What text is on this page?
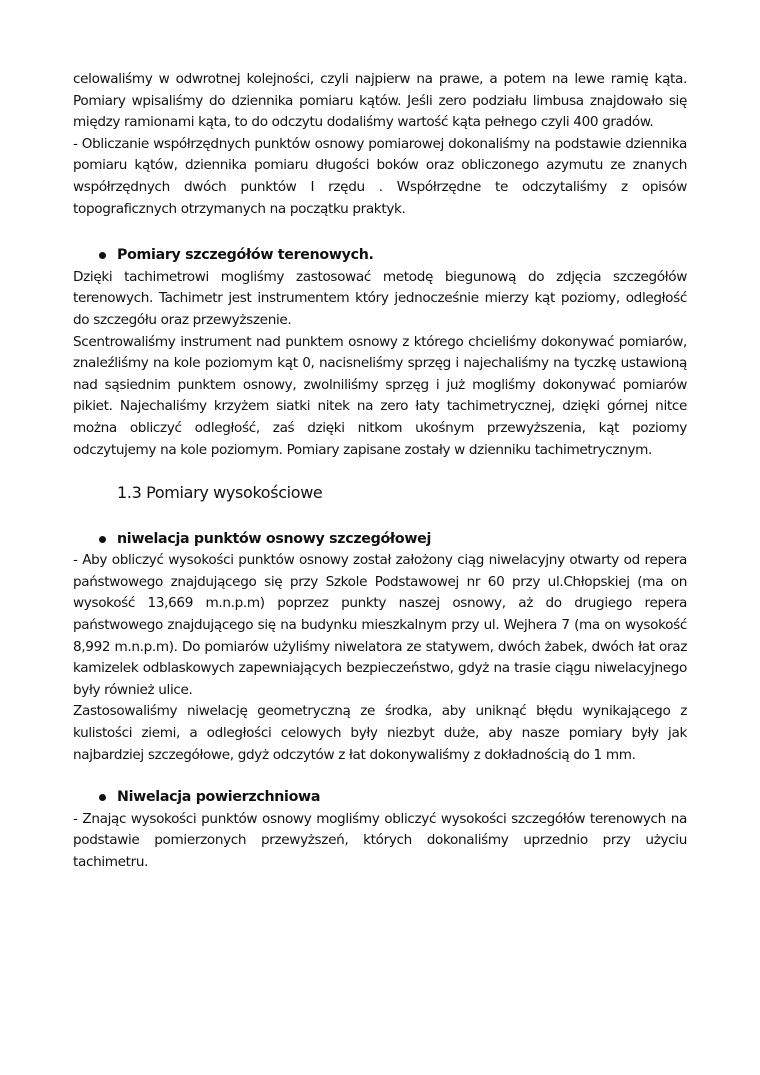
celowaliśmy w odwrotnej kolejności, czyli najpierw na prawe, a potem na lewe ramię kąta. Pomiary wpisaliśmy do dziennika pomiaru kątów. Jeśli zero podziału limbusa znajdowało się między ramionami kąta, to do odczytu dodaliśmy wartość kąta pełnego czyli 400 gradów.

- Obliczanie współrzędnych punktów osnowy pomiarowej dokonaliśmy na podstawie dziennika pomiaru kątów, dziennika pomiaru długości boków oraz obliczonego azymutu ze znanych współrzędnych dwóch punktów I rzędu . Współrzędne te odczytaliśmy z opisów topograficznych otrzymanych na początku praktyk.

Pomiary szczegółów terenowych.

Dzięki tachimetrowi mogliśmy zastosować metodę biegunową do zdjęcia szczegółów terenowych. Tachimetr jest instrumentem który jednocześnie mierzy kąt poziomy, odległość do szczegółu oraz przewyższenie.

Scentrowaliśmy instrument nad punktem osnowy z którego chcieliśmy dokonywać pomiarów, znaleźliśmy na kole poziomym kąt 0, nacisneliśmy sprzęg i najechaliśmy na tyczkę ustawioną nad sąsiednim punktem osnowy, zwolniliśmy sprzęg i już mogliśmy dokonywać pomiarów pikiet. Najechaliśmy krzyżem siatki nitek na zero łaty tachimetrycznej, dzięki górnej nitce można obliczyć odległość, zaś dzięki nitkom ukośnym przewyższenia, kąt poziomy odczytujemy na kole poziomym. Pomiary zapisane zostały w dzienniku tachimetrycznym.

1.3 Pomiary wysokościowe
niwelacja punktów osnowy szczegółowej

- Aby obliczyć wysokości punktów osnowy został założony ciąg niwelacyjny otwarty od repera państwowego znajdującego się przy Szkole Podstawowej nr 60 przy ul.Chłopskiej (ma on wysokość 13,669 m.n.p.m) poprzez punkty naszej osnowy, aż do drugiego repera państwowego znajdującego się na budynku mieszkalnym przy ul. Wejhera 7 (ma on wysokość 8,992 m.n.p.m). Do pomiarów użyliśmy niwelatora ze statywem, dwóch żabek, dwóch łat oraz kamizelek odblaskowych zapewniających bezpieczeństwo, gdyż na trasie ciągu niwelacyjnego były również ulice.

Zastosowaliśmy niwelację geometryczną ze środka, aby uniknąć błędu wynikającego z kulistości ziemi, a odległości celowych były niezbyt duże, aby nasze pomiary były jak najbardziej szczegółowe, gdyż odczytów z łat dokonywaliśmy z dokładnością do 1 mm.

Niwelacja powierzchniowa

- Znając wysokości punktów osnowy mogliśmy obliczyć wysokości szczegółów terenowych na podstawie pomierzonych przewyższeń, których dokonaliśmy uprzednio przy użyciu tachimetru.
